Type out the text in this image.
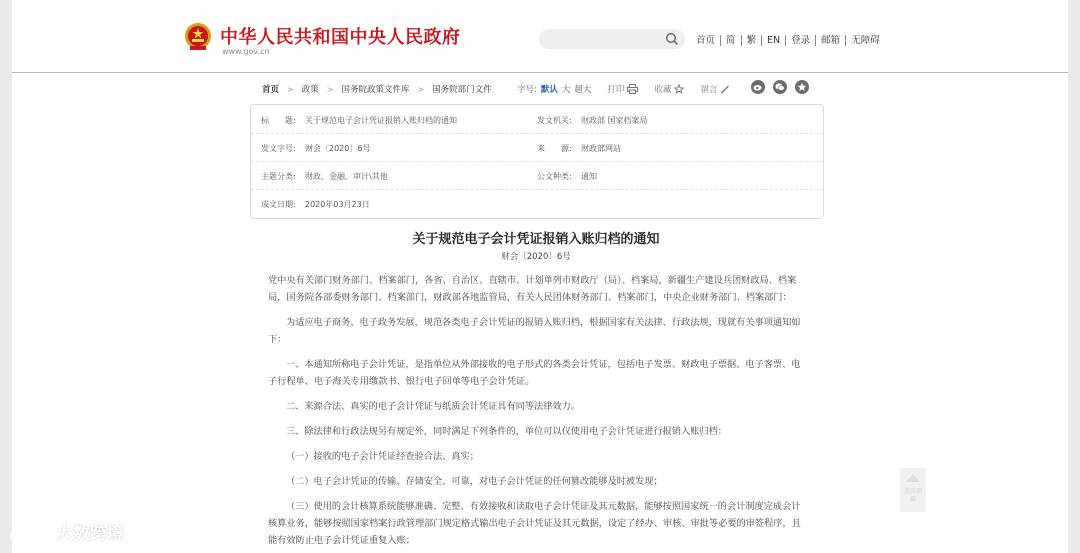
中华人民共和国中央人民政府
www.gov.cn
首页	简	繁	EN	登录	邮箱	无障碍
首页 > 政策 > 国务院政策文件库 > 国务院部门文件	字号: 默认 大 超大 打印	收藏	留言
标　　题: 关于规范电子会计凭证报销入账归档的通知	发文机关: 财政部 国家档案局
发文字号: 财会〔2020〕6号	来　　源: 财政部网站
主题分类: 财政、金融、审计\其他	公文种类: 通知
成文日期: 2020年03月23日
关于规范电子会计凭证报销入账归档的通知
财会〔2020〕6号

党中央有关部门财务部门、档案部门，各省、自治区、直辖市、计划单列市财政厅（局）、档案局，新疆生产建设兵团财政局、档案局，国务院各部委财务部门、档案部门，财政部各地监管局，有关人民团体财务部门、档案部门，中央企业财务部门、档案部门：

为适应电子商务、电子政务发展，规范各类电子会计凭证的报销入账归档，根据国家有关法律、行政法规，现就有关事项通知如下：

一、本通知所称电子会计凭证，是指单位从外部接收的电子形式的各类会计凭证，包括电子发票、财政电子票据、电子客票、电子行程单、电子海关专用缴款书、银行电子回单等电子会计凭证。

二、来源合法、真实的电子会计凭证与纸质会计凭证具有同等法律效力。

三、除法律和行政法规另有规定外，同时满足下列条件的，单位可以仅使用电子会计凭证进行报销入账归档：

（一）接收的电子会计凭证经查验合法、真实；

（二）电子会计凭证的传输、存储安全、可靠，对电子会计凭证的任何篡改能够及时被发现；

（三）使用的会计核算系统能够准确、完整、有效接收和读取电子会计凭证及其元数据，能够按照国家统一的会计制度完成会计核算业务，能够按照国家档案行政管理部门规定格式输出电子会计凭证及其元数据，设定了经办、审核、审批等必要的审签程序，且能有效防止电子会计凭证重复入账；

返回顶部
大数跨境
